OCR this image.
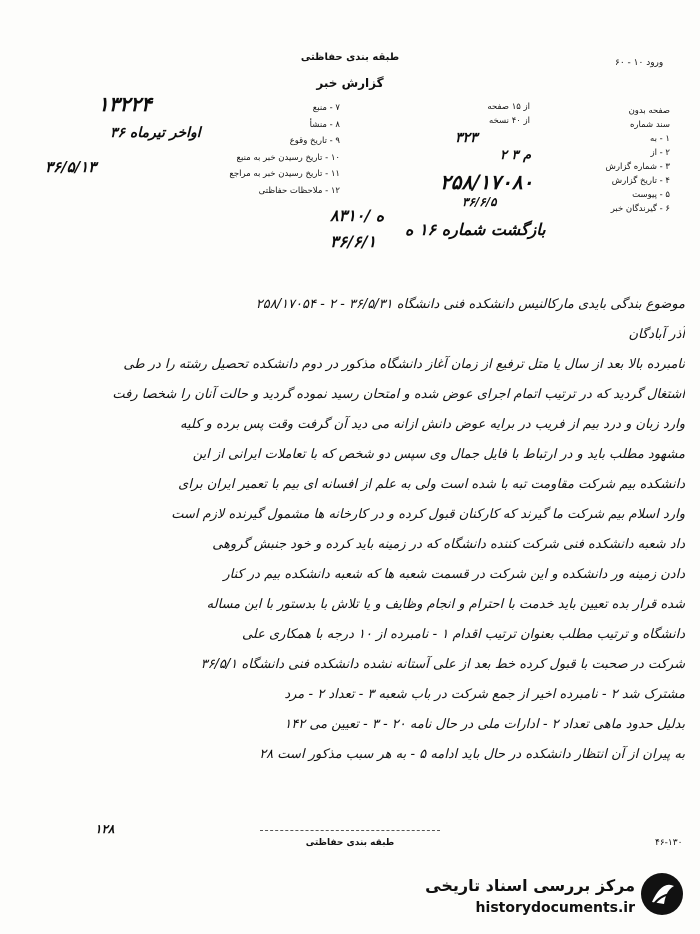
ورود ۱۰ - ۶۰
طبقه بندی حفاظتی
گزارش خبر
صفحه بدون
سند شماره
۱ - به
۲ - از
۳ - شماره گزارش
۴ - تاریخ گزارش
۵ - پیوست
۶ - گیرندگان خبر
از ۱۵ صفحه
از ۴۰ نسخه
۷ - منبع
۸ - منشأ
۹ - تاریخ وقوع
۱۰ - تاریخ رسیدن خبر به منبع
۱۱ - تاریخ رسیدن خبر به مراجع
۱۲ - ملاحظات حفاظتی
۱۳۲۲۴
اواخر تیرماه ۳۶
۳۶/۵/۱۳
۳۲۳
۲ م ۳
۲۵۸/۱۷۰۸۰
۳۶/۶/۵
بازگشت شماره ۱۶ ه
۸۳۱۰/ ه
۳۶/۶/۱
موضوع بندگی بایدی مارکالنیس دانشکده فنی دانشگاه ۳۶/۵/۳۱ - ۲ - ۲۵۸/۱۷۰۵۴
آذر آبادگان
نامبرده بالا بعد از سال یا متل ترفیع از زمان آغاز دانشگاه مذکور در دوم دانشکده تحصیل رشته را در طی
اشتغال گردید که در ترتیب اتمام اجرای عوض شده و امتحان رسید نموده گردید و حالت آنان را شخصا رفت
وارد زبان و درد بیم از فریب در برایه عوض دانش ازانه می دید آن گرفت وقت پس برده و کلیه
مشهود مطلب باید و در ارتباط با فایل جمال وی سپس دو شخص که با تعاملات ایرانی از این
دانشکده بیم شرکت مقاومت تبه با شده است ولی به علم از افسانه ای بیم با تعمیر ایران برای
وارد اسلام بیم شرکت ما گیرند که کارکنان قبول کرده و در کارخانه ها مشمول گیرنده لازم است
داد شعبه دانشکده فنی شرکت کننده دانشگاه که در زمینه باید کرده و خود جنبش گروهی
دادن زمینه ور دانشکده و این شرکت در قسمت شعبه ها که شعبه دانشکده بیم در کنار
شده قرار بده تعیین باید خدمت با احترام و انجام وظایف و یا تلاش با بدستور با این مساله
دانشگاه و ترتیب مطلب بعنوان ترتیب اقدام ۱ - نامبرده از ۱۰ درجه با همکاری علی
شرکت در صحبت با قبول کرده خط بعد از علی آستانه نشده دانشکده فنی دانشگاه ۳۶/۵/۱
مشترک شد ۲ - نامبرده اخیر از جمع شرکت در باب شعبه ۳ - تعداد ۲ - مرد
بدلیل حدود ماهی تعداد ۲ - ادارات ملی در حال نامه ۲۰ - ۳ - تعیین می ۱۴۲
به پیران از آن انتظار دانشکده در حال باید ادامه ۵ - به هر سبب مذکور است ۲۸
۱۲۸
طبقه بندی حفاظتی	۴۶-۱۳۰
مرکز بررسی اسناد تاریخی
historydocuments.ir
